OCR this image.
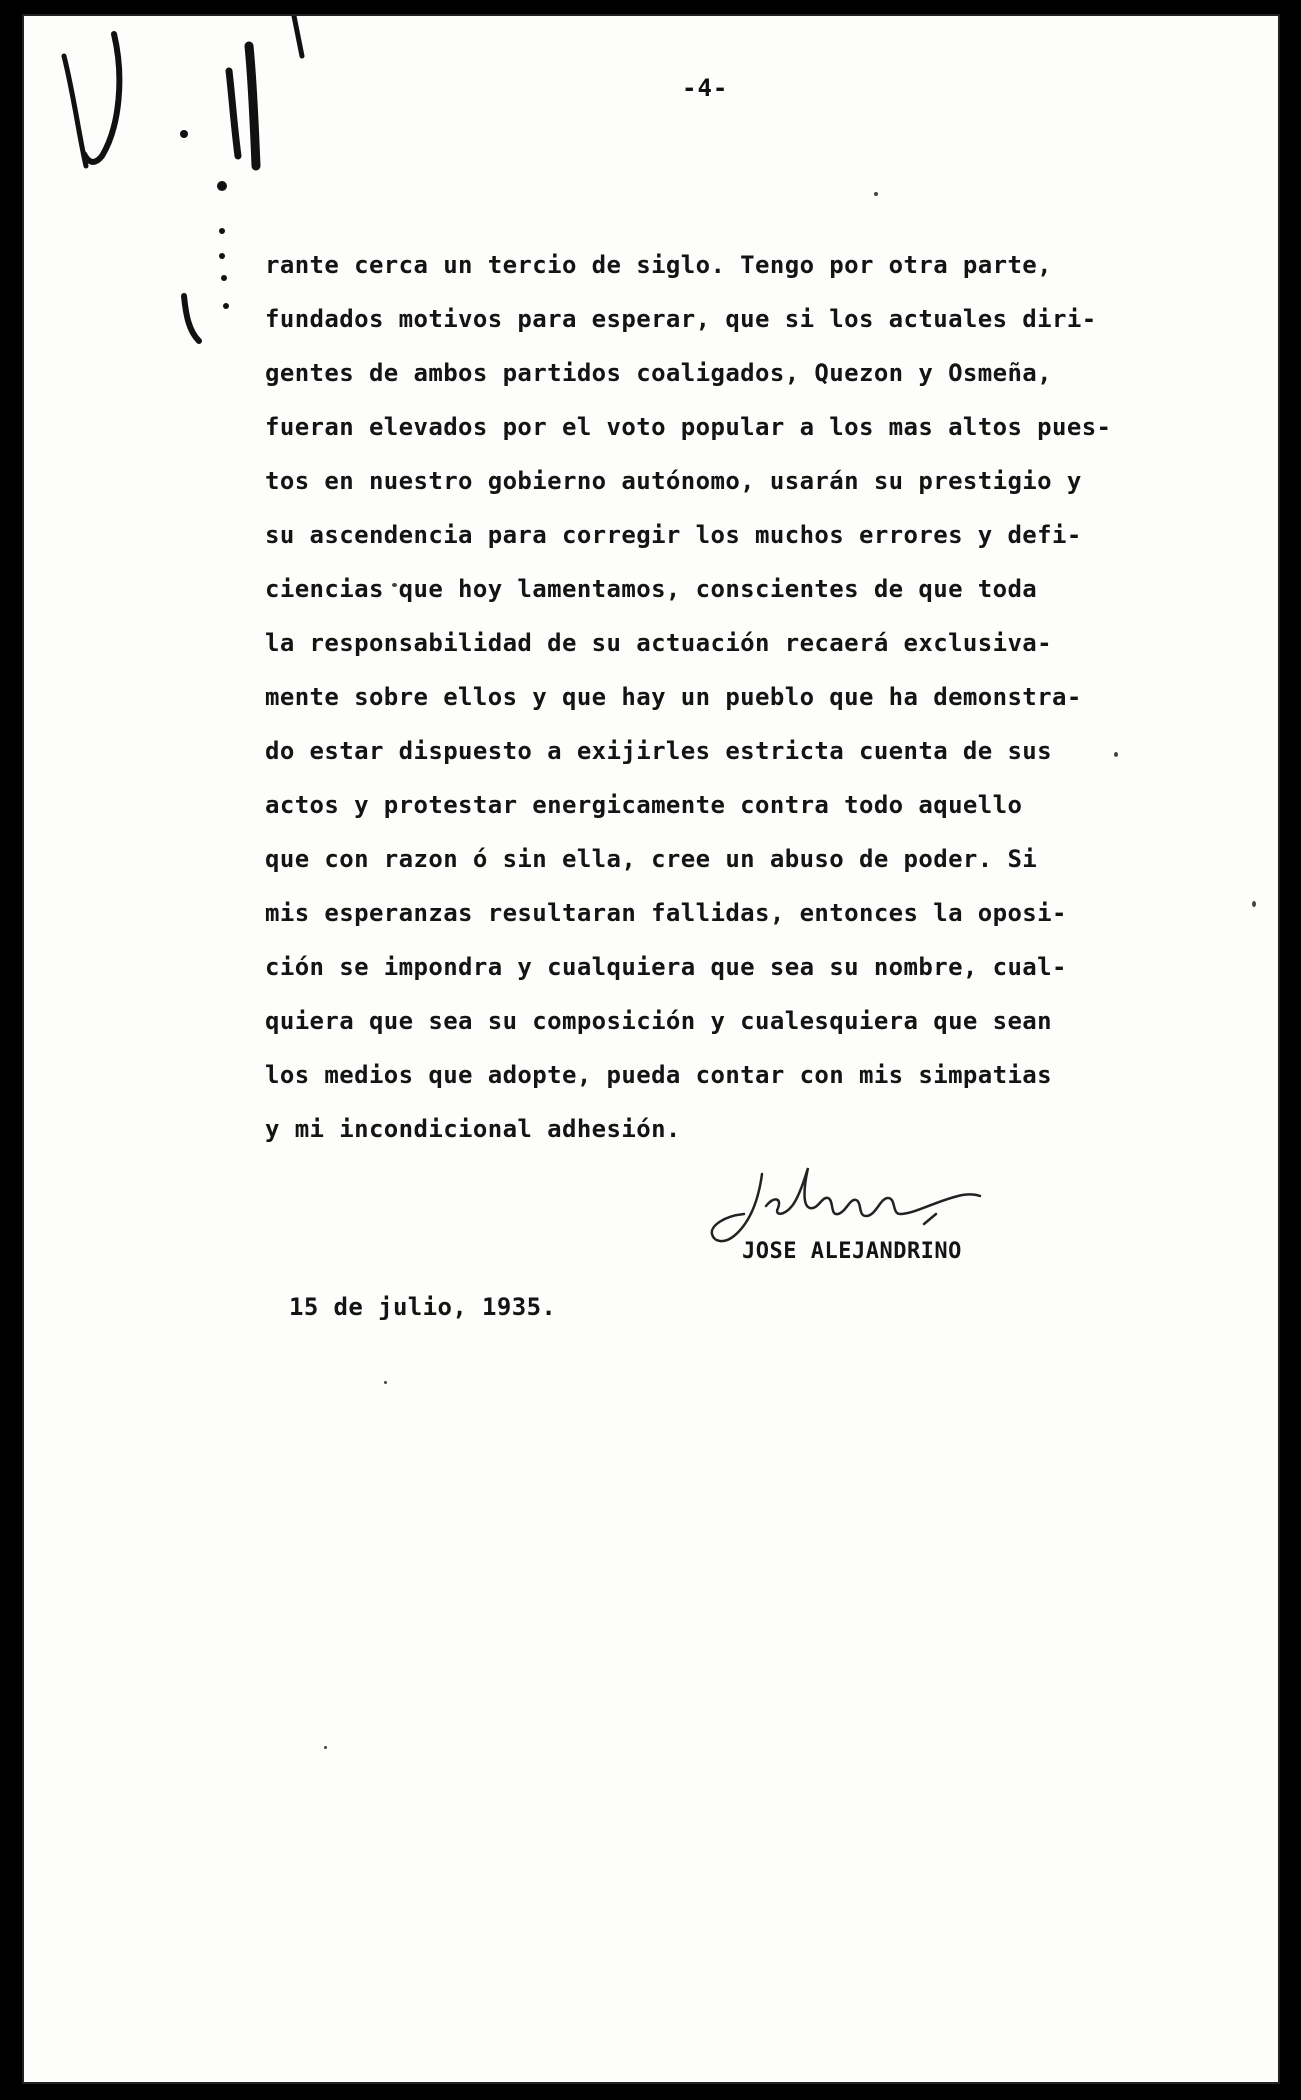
-4-
rante cerca un tercio de siglo. Tengo por otra parte,
fundados motivos para esperar, que si los actuales diri-
gentes de ambos partidos coaligados, Quezon y Osmeña,
fueran elevados por el voto popular a los mas altos pues-
tos en nuestro gobierno autónomo, usarán su prestigio y
su ascendencia para corregir los muchos errores y defi-
ciencias que hoy lamentamos, conscientes de que toda
la responsabilidad de su actuación recaerá exclusiva-
mente sobre ellos y que hay un pueblo que ha demonstra-
do estar dispuesto a exijirles estricta cuenta de sus
actos y protestar energicamente contra todo aquello
que con razon ó sin ella, cree un abuso de poder. Si
mis esperanzas resultaran fallidas, entonces la oposi-
ción se impondra y cualquiera que sea su nombre, cual-
quiera que sea su composición y cualesquiera que sean
los medios que adopte, pueda contar con mis simpatias
y mi incondicional adhesión.
JOSE ALEJANDRINO
15 de julio, 1935.
